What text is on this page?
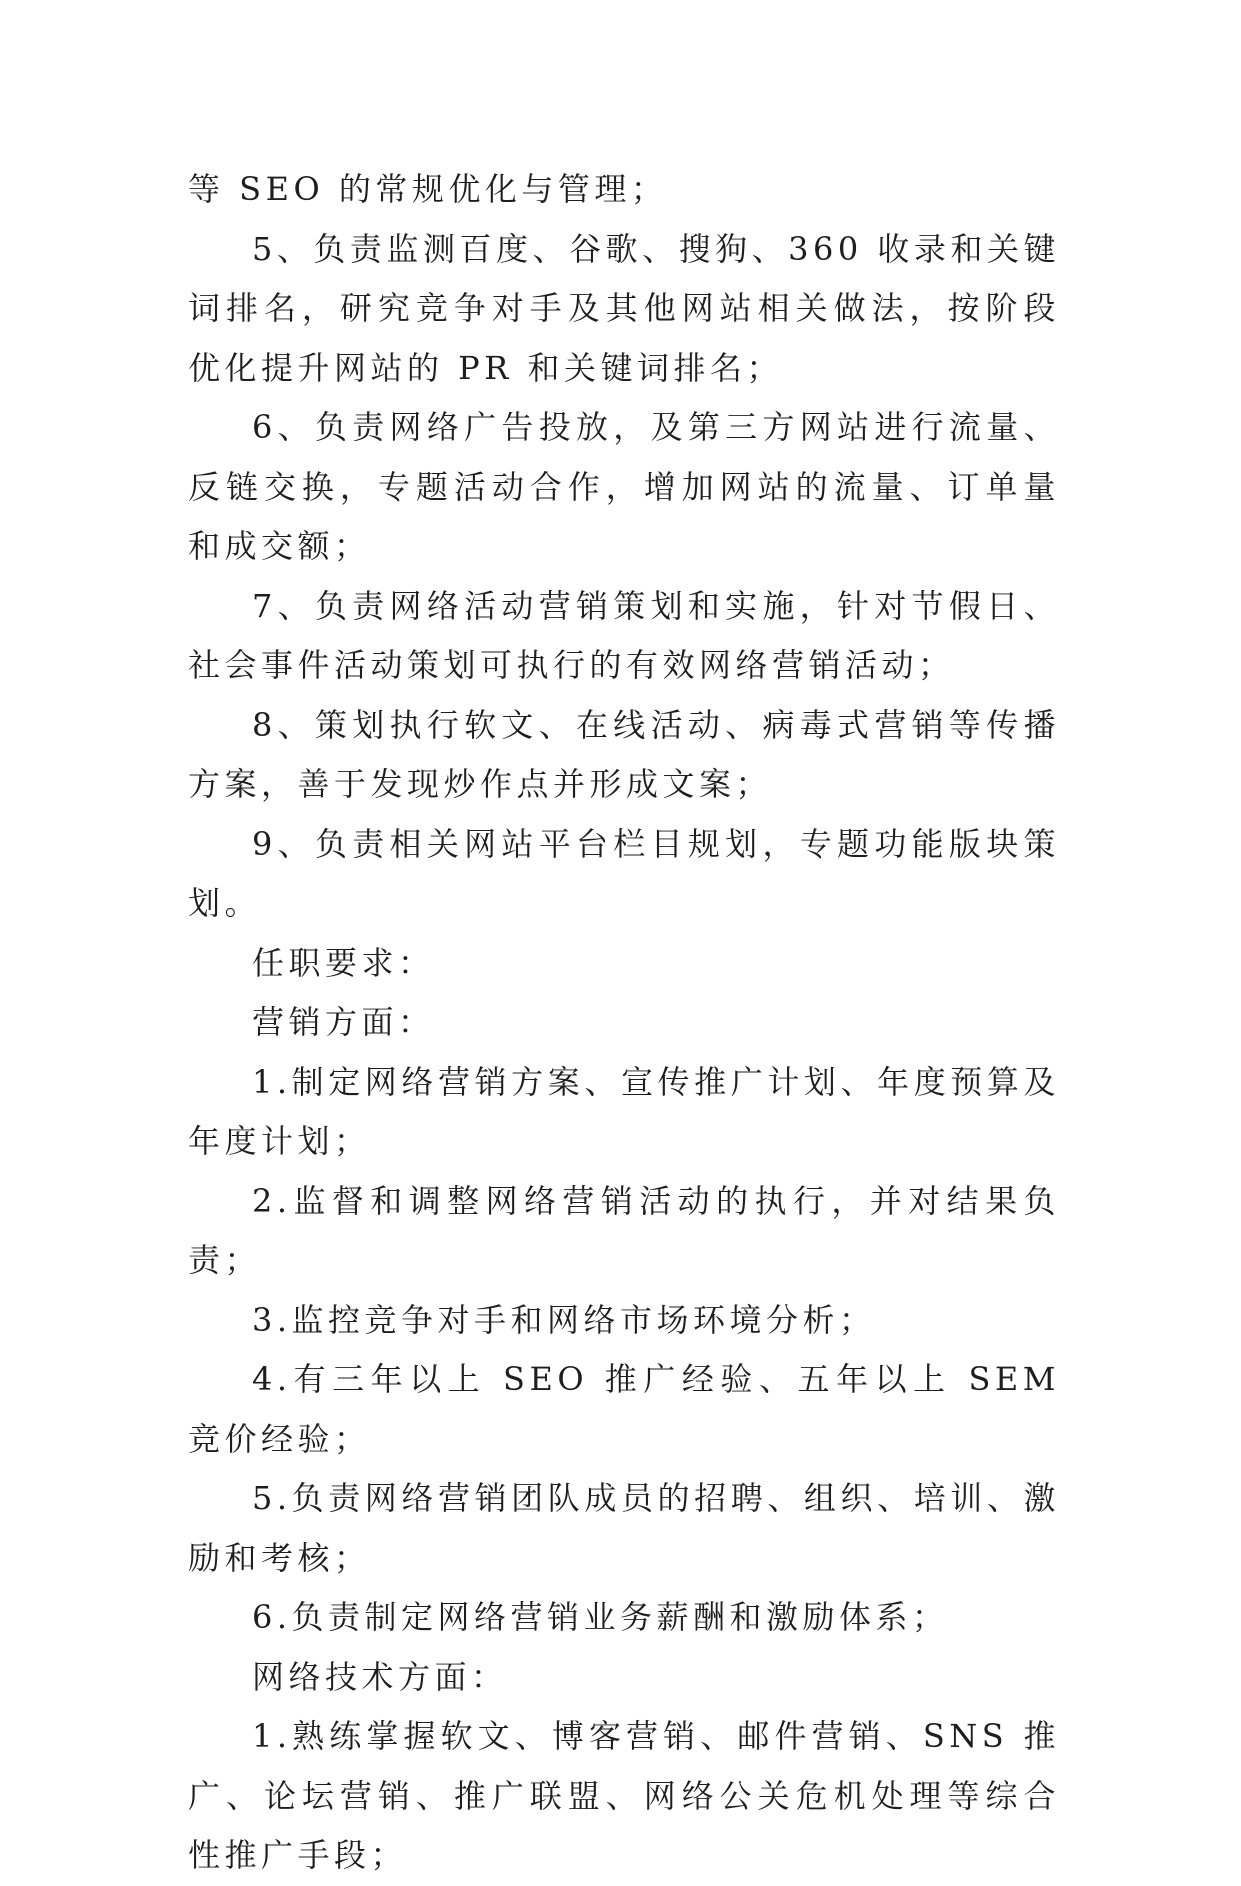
等 SEO 的常规优化与管理；

5、负责监测百度、谷歌、搜狗、360 收录和关键词排名，研究竞争对手及其他网站相关做法，按阶段优化提升网站的 PR 和关键词排名；

6、负责网络广告投放，及第三方网站进行流量、反链交换，专题活动合作，增加网站的流量、订单量和成交额；

7、负责网络活动营销策划和实施，针对节假日、社会事件活动策划可执行的有效网络营销活动；

8、策划执行软文、在线活动、病毒式营销等传播方案，善于发现炒作点并形成文案；

9、负责相关网站平台栏目规划，专题功能版块策划。

任职要求：

营销方面：

1.制定网络营销方案、宣传推广计划、年度预算及年度计划；

2.监督和调整网络营销活动的执行，并对结果负责；

3.监控竞争对手和网络市场环境分析；

4.有三年以上 SEO 推广经验、五年以上 SEM 竞价经验；

5.负责网络营销团队成员的招聘、组织、培训、激励和考核；

6.负责制定网络营销业务薪酬和激励体系；

网络技术方面：

1.熟练掌握软文、博客营销、邮件营销、SNS 推广、论坛营销、推广联盟、网络公关危机处理等综合性推广手段；
